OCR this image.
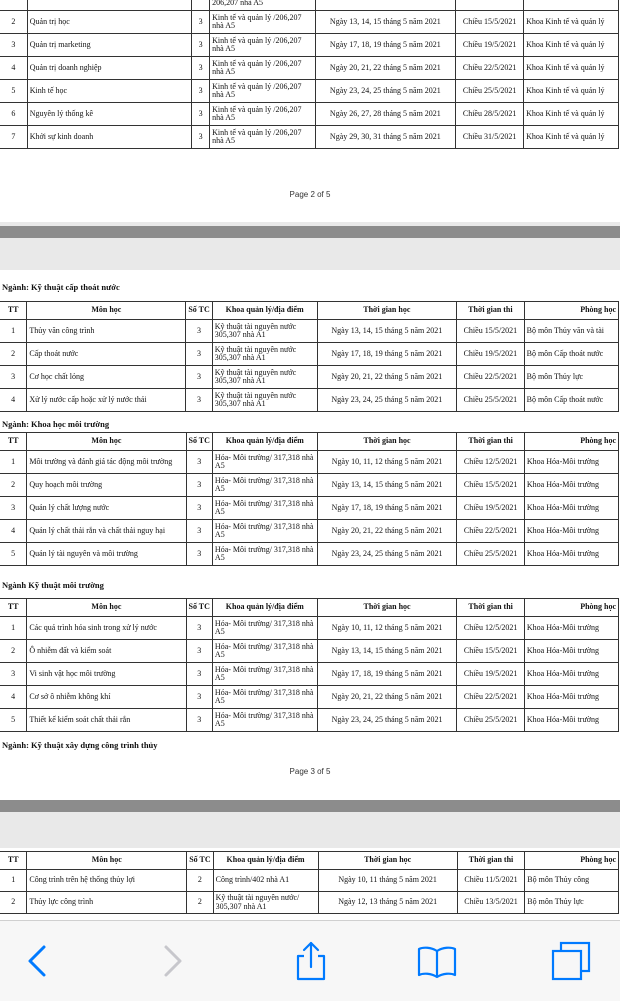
			206,207 nhà A5			
2	Quản trị học	3	Kinh tế và quản lý /206,207 nhà A5	Ngày 13, 14, 15 tháng 5 năm 2021	Chiều 15/5/2021	Khoa Kinh tế và quản lý
3	Quản trị marketing	3	Kinh tế và quản lý /206,207 nhà A5	Ngày 17, 18, 19 tháng 5 năm 2021	Chiều 19/5/2021	Khoa Kinh tế và quản lý
4	Quản trị doanh nghiệp	3	Kinh tế và quản lý /206,207 nhà A5	Ngày 20, 21, 22 tháng 5 năm 2021	Chiều 22/5/2021	Khoa Kinh tế và quản lý
5	Kinh tế học	3	Kinh tế và quản lý /206,207 nhà A5	Ngày 23, 24, 25 tháng 5 năm 2021	Chiều 25/5/2021	Khoa Kinh tế và quản lý
6	Nguyên lý thống kê	3	Kinh tế và quản lý /206,207 nhà A5	Ngày 26, 27, 28 tháng 5 năm 2021	Chiều 28/5/2021	Khoa Kinh tế và quản lý
7	Khởi sự kinh doanh	3	Kinh tế và quản lý /206,207 nhà A5	Ngày 29, 30, 31 tháng 5 năm 2021	Chiều 31/5/2021	Khoa Kinh tế và quản lý
Page 2 of 5
Ngành: Kỹ thuật cấp thoát nước
TT	Môn học	Số TC	Khoa quản lý/địa điểm	Thời gian học	Thời gian thi	Phòng học
1	Thủy văn công trình	3	Kỹ thuật tài nguyên nước 305,307 nhà A1	Ngày 13, 14, 15 tháng 5 năm 2021	Chiều 15/5/2021	Bộ môn Thủy văn và tài
2	Cấp thoát nước	3	Kỹ thuật tài nguyên nước 305,307 nhà A1	Ngày 17, 18, 19 tháng 5 năm 2021	Chiều 19/5/2021	Bộ môn Cấp thoát nước
3	Cơ học chất lỏng	3	Kỹ thuật tài nguyên nước 305,307 nhà A1	Ngày 20, 21, 22 tháng 5 năm 2021	Chiều 22/5/2021	Bộ môn Thủy lực
4	Xử lý nước cấp hoặc xử lý nước thải	3	Kỹ thuật tài nguyên nước 305,307 nhà A1	Ngày 23, 24, 25 tháng 5 năm 2021	Chiều 25/5/2021	Bộ môn Cấp thoát nước
Ngành: Khoa học môi trường
TT	Môn học	Số TC	Khoa quản lý/địa điểm	Thời gian học	Thời gian thi	Phòng học
1	Môi trường và đánh giá tác động môi trường	3	Hóa- Môi trường/ 317,318 nhà A5	Ngày 10, 11, 12 tháng 5 năm 2021	Chiều 12/5/2021	Khoa Hóa-Môi trường
2	Quy hoạch môi trường	3	Hóa- Môi trường/ 317,318 nhà A5	Ngày 13, 14, 15 tháng 5 năm 2021	Chiều 15/5/2021	Khoa Hóa-Môi trường
3	Quản lý chất lượng nước	3	Hóa- Môi trường/ 317,318 nhà A5	Ngày 17, 18, 19 tháng 5 năm 2021	Chiều 19/5/2021	Khoa Hóa-Môi trường
4	Quản lý chất thải rắn và chất thải nguy hại	3	Hóa- Môi trường/ 317,318 nhà A5	Ngày 20, 21, 22 tháng 5 năm 2021	Chiều 22/5/2021	Khoa Hóa-Môi trường
5	Quản lý tài nguyên và môi trường	3	Hóa- Môi trường/ 317,318 nhà A5	Ngày 23, 24, 25 tháng 5 năm 2021	Chiều 25/5/2021	Khoa Hóa-Môi trường
Ngành Kỹ thuật môi trường
TT	Môn học	Số TC	Khoa quản lý/địa điểm	Thời gian học	Thời gian thi	Phòng học
1	Các quá trình hóa sinh trong xử lý nước	3	Hóa- Môi trường/ 317,318 nhà A5	Ngày 10, 11, 12 tháng 5 năm 2021	Chiều 12/5/2021	Khoa Hóa-Môi trường
2	Ô nhiễm đất và kiểm soát	3	Hóa- Môi trường/ 317,318 nhà A5	Ngày 13, 14, 15 tháng 5 năm 2021	Chiều 15/5/2021	Khoa Hóa-Môi trường
3	Vi sinh vật học môi trường	3	Hóa- Môi trường/ 317,318 nhà A5	Ngày 17, 18, 19 tháng 5 năm 2021	Chiều 19/5/2021	Khoa Hóa-Môi trường
4	Cơ sở ô nhiễm không khí	3	Hóa- Môi trường/ 317,318 nhà A5	Ngày 20, 21, 22 tháng 5 năm 2021	Chiều 22/5/2021	Khoa Hóa-Môi trường
5	Thiết kế kiểm soát chất thải rắn	3	Hóa- Môi trường/ 317,318 nhà A5	Ngày 23, 24, 25 tháng 5 năm 2021	Chiều 25/5/2021	Khoa Hóa-Môi trường
Ngành: Kỹ thuật xây dựng công trình thủy
Page 3 of 5
TT	Môn học	Số TC	Khoa quản lý/địa điểm	Thời gian học	Thời gian thi	Phòng học
1	Công trình trên hệ thống thủy lợi	2	Công trình/402 nhà A1	Ngày 10, 11 tháng 5 năm 2021	Chiều 11/5/2021	Bộ môn Thủy công
2	Thủy lực công trình	2	Kỹ thuật tài nguyên nước/ 305,307 nhà A1	Ngày 12, 13 tháng 5 năm 2021	Chiều 13/5/2021	Bộ môn Thủy lực
